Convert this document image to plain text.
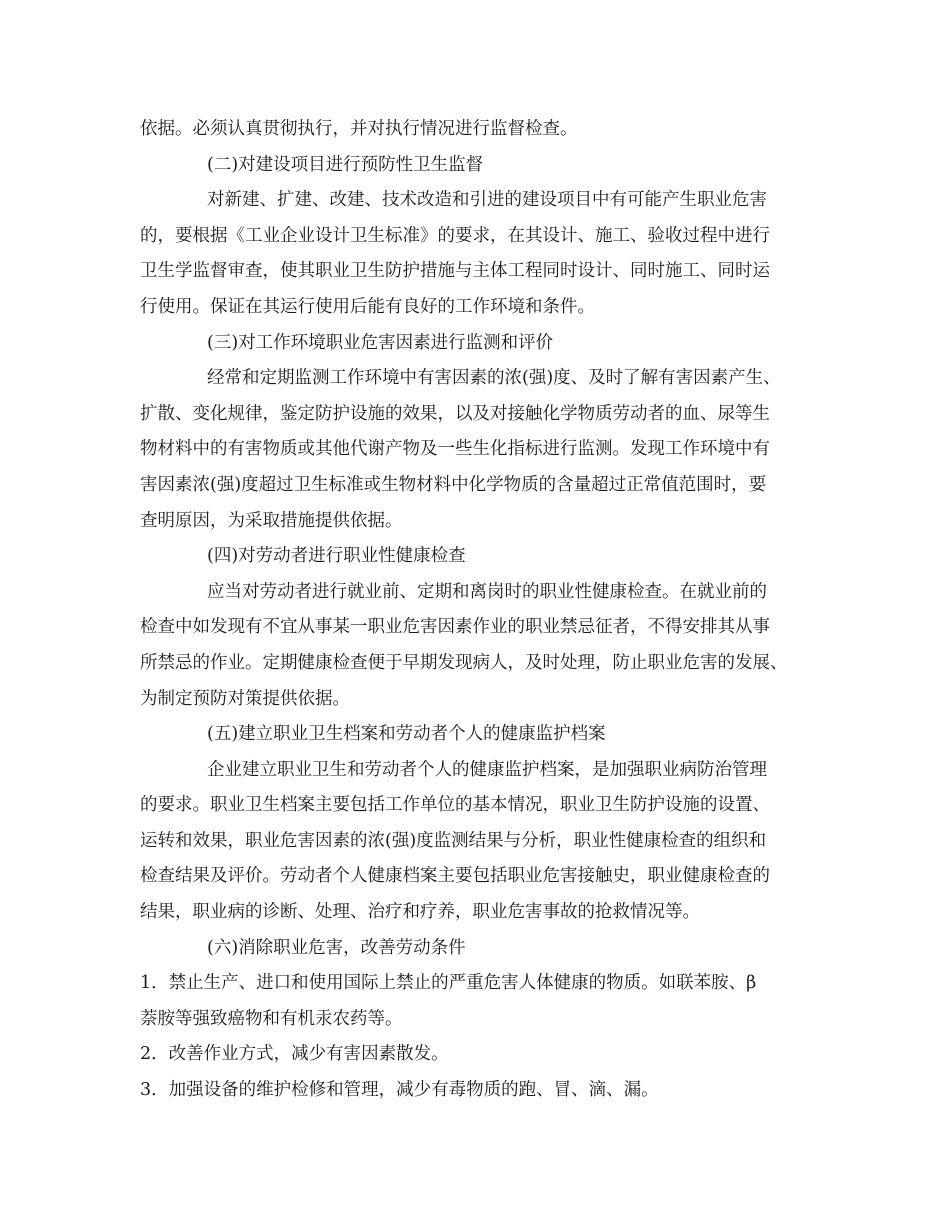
依据。必须认真贯彻执行，并对执行情况进行监督检查。
(二)对建设项目进行预防性卫生监督
对新建、扩建、改建、技术改造和引进的建设项目中有可能产生职业危害
的，要根据《工业企业设计卫生标准》的要求，在其设计、施工、验收过程中进行
卫生学监督审查，使其职业卫生防护措施与主体工程同时设计、同时施工、同时运
行使用。保证在其运行使用后能有良好的工作环境和条件。
(三)对工作环境职业危害因素进行监测和评价
经常和定期监测工作环境中有害因素的浓(强)度、及时了解有害因素产生、
扩散、变化规律，鉴定防护设施的效果，以及对接触化学物质劳动者的血、尿等生
物材料中的有害物质或其他代谢产物及一些生化指标进行监测。发现工作环境中有
害因素浓(强)度超过卫生标准或生物材料中化学物质的含量超过正常值范围时，要
查明原因，为采取措施提供依据。
(四)对劳动者进行职业性健康检查
应当对劳动者进行就业前、定期和离岗时的职业性健康检查。在就业前的
检查中如发现有不宜从事某一职业危害因素作业的职业禁忌征者，不得安排其从事
所禁忌的作业。定期健康检查便于早期发现病人，及时处理，防止职业危害的发展、
为制定预防对策提供依据。
(五)建立职业卫生档案和劳动者个人的健康监护档案
企业建立职业卫生和劳动者个人的健康监护档案，是加强职业病防治管理
的要求。职业卫生档案主要包括工作单位的基本情况，职业卫生防护设施的设置、
运转和效果，职业危害因素的浓(强)度监测结果与分析，职业性健康检查的组织和
检查结果及评价。劳动者个人健康档案主要包括职业危害接触史，职业健康检查的
结果，职业病的诊断、处理、治疗和疗养，职业危害事故的抢救情况等。
(六)消除职业危害，改善劳动条件
1．禁止生产、进口和使用国际上禁止的严重危害人体健康的物质。如联苯胺、β
萘胺等强致癌物和有机汞农药等。
2．改善作业方式，减少有害因素散发。
3．加强设备的维护检修和管理，减少有毒物质的跑、冒、滴、漏。
